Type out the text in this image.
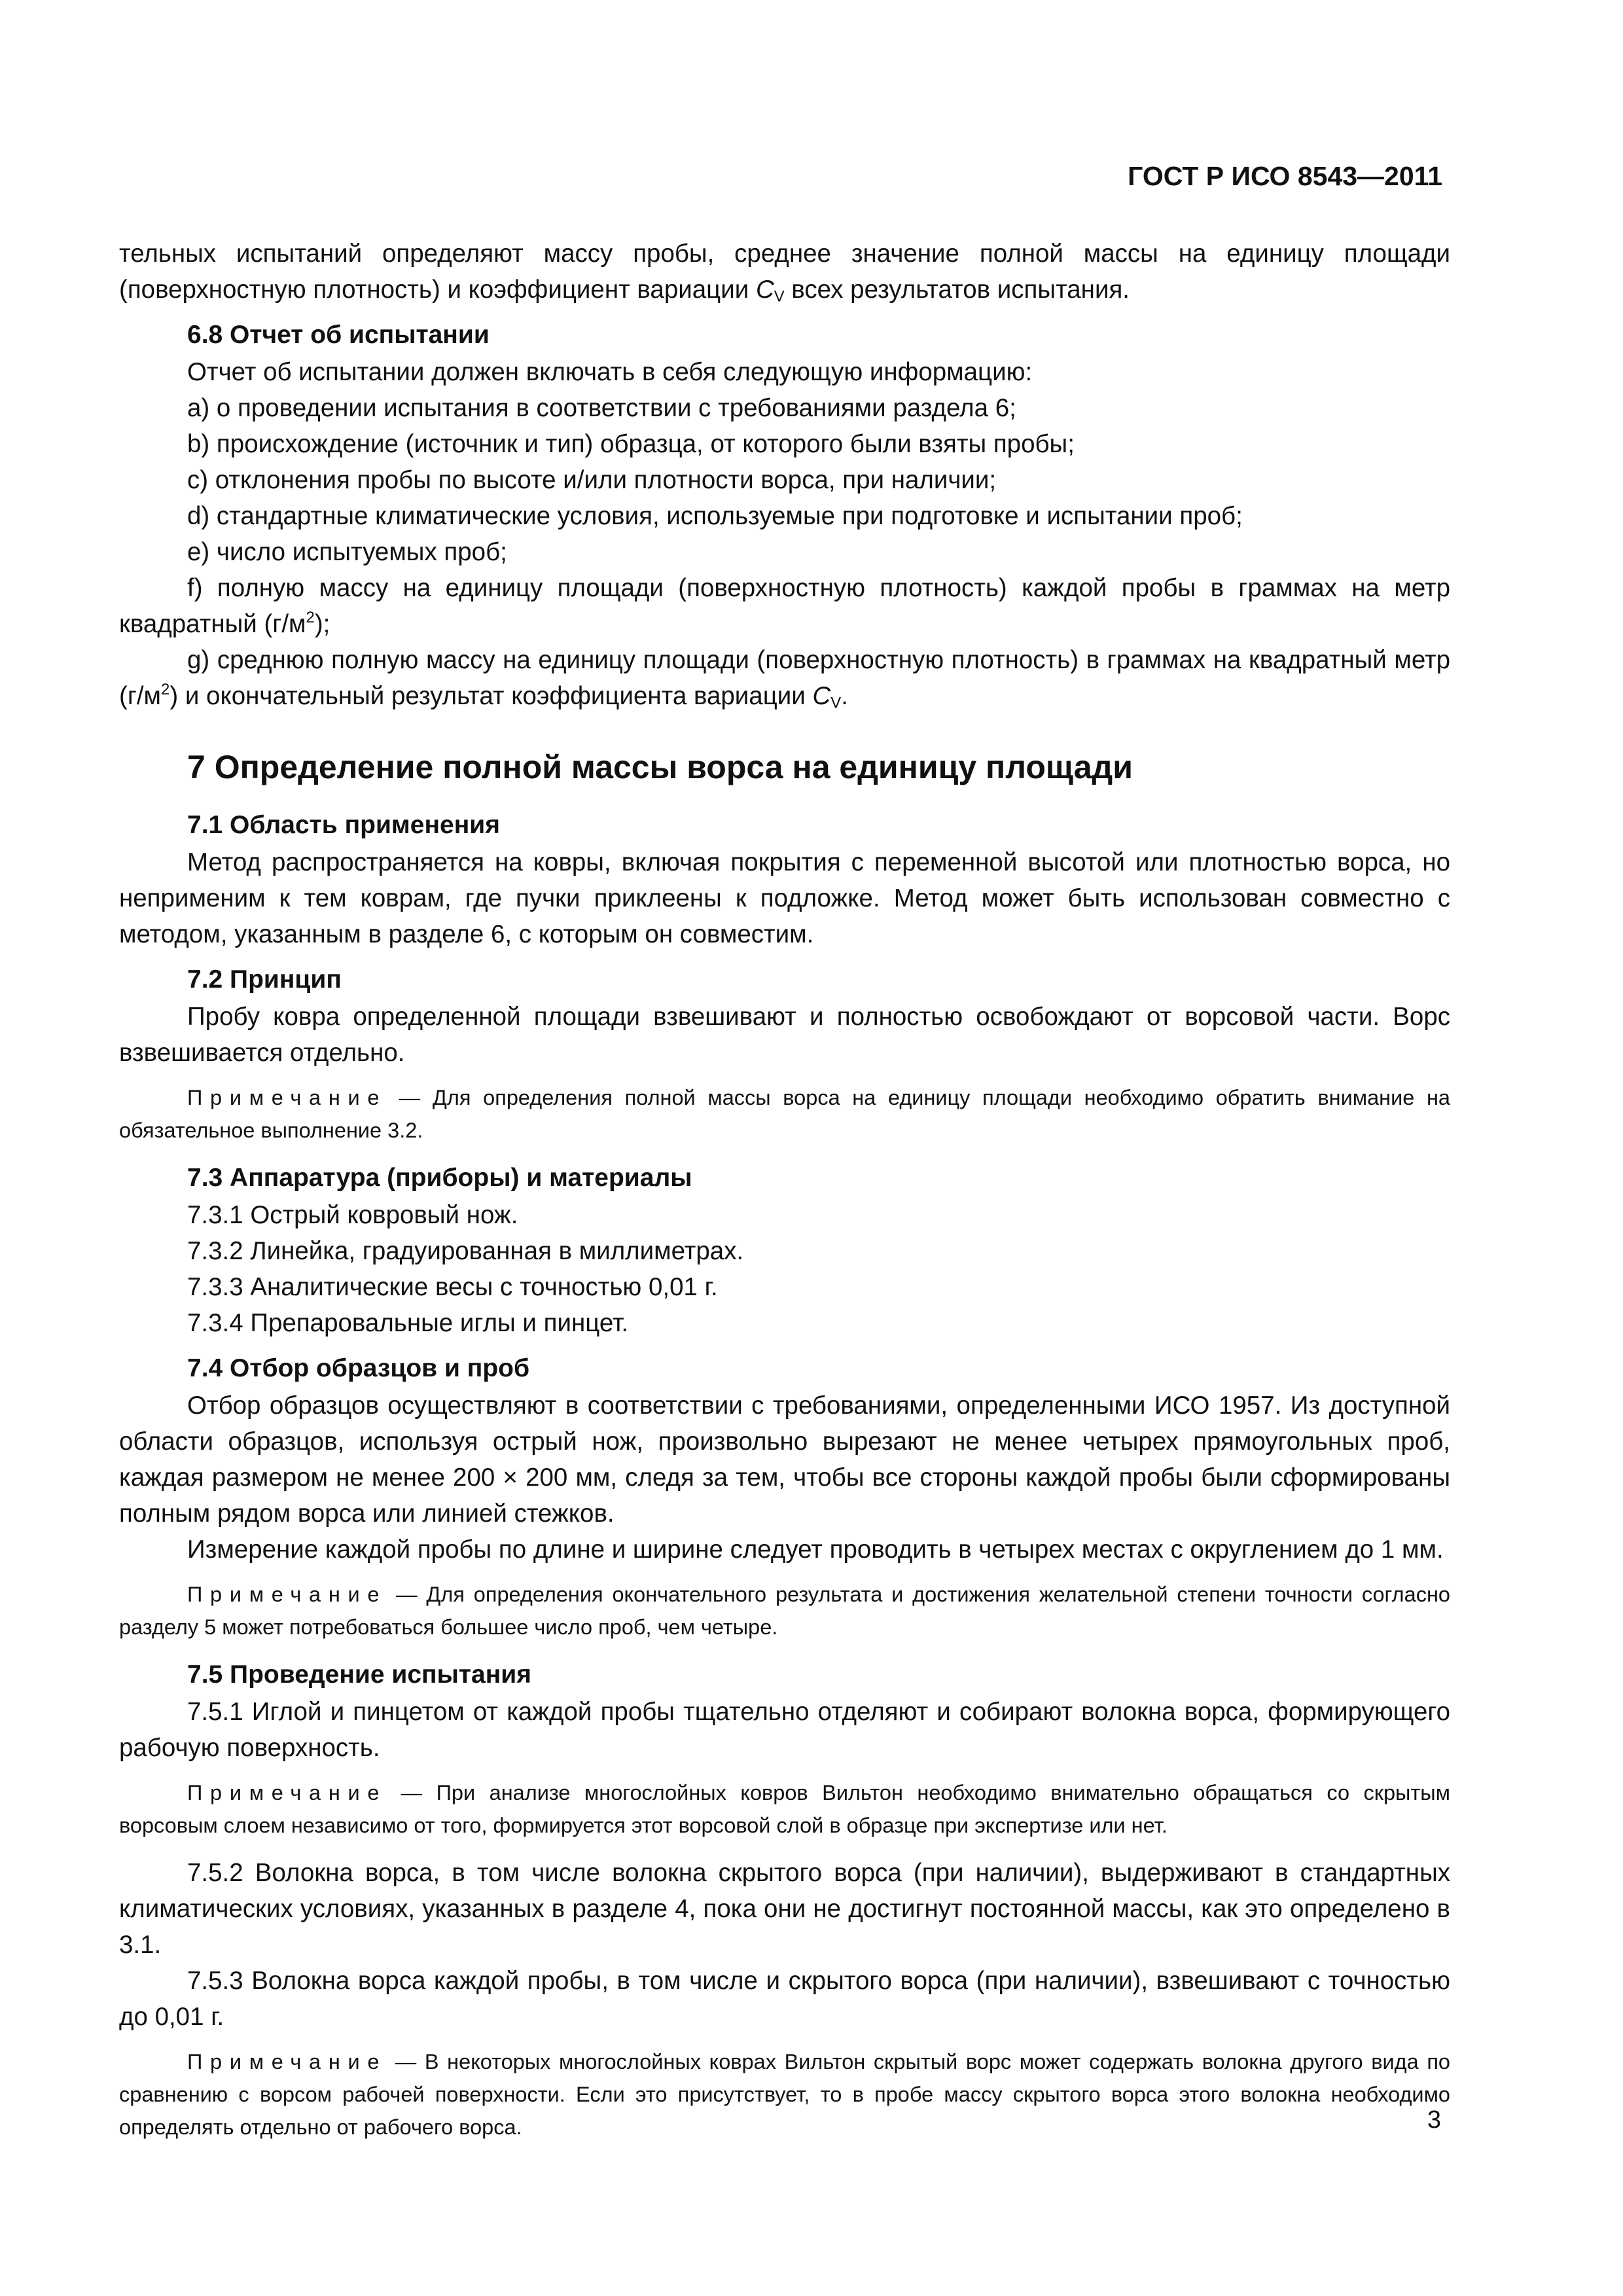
ГОСТ Р ИСО 8543—2011

тельных испытаний определяют массу пробы, среднее значение полной массы на единицу площади (поверхностную плотность) и коэффициент вариации $C_V$ всех результатов испытания.

6.8 Отчет об испытании

Отчет об испытании должен включать в себя следующую информацию:

a) о проведении испытания в соответствии с требованиями раздела 6;

b) происхождение (источник и тип) образца, от которого были взяты пробы;

c) отклонения пробы по высоте и/или плотности ворса, при наличии;

d) стандартные климатические условия, используемые при подготовке и испытании проб;

e) число испытуемых проб;

f) полную массу на единицу площади (поверхностную плотность) каждой пробы в граммах на метр квадратный $(г/м^2)$;

g) среднюю полную массу на единицу площади (поверхностную плотность) в граммах на квадратный метр $(г/м^2)$ и окончательный результат коэффициента вариации $C_V$.

7 Определение полной массы ворса на единицу площади

7.1 Область применения

Метод распространяется на ковры, включая покрытия с переменной высотой или плотностью ворса, но неприменим к тем коврам, где пучки приклеены к подложке. Метод может быть использован совместно с методом, указанным в разделе 6, с которым он совместим.

7.2 Принцип

Пробу ковра определенной площади взвешивают и полностью освобождают от ворсовой части. Ворс взвешивается отдельно.

Примечание — Для определения полной массы ворса на единицу площади необходимо обратить внимание на обязательное выполнение 3.2.

7.3 Аппаратура (приборы) и материалы

7.3.1 Острый ковровый нож.

7.3.2 Линейка, градуированная в миллиметрах.

7.3.3 Аналитические весы с точностью 0,01 г.

7.3.4 Препаровальные иглы и пинцет.

7.4 Отбор образцов и проб

Отбор образцов осуществляют в соответствии с требованиями, определенными ИСО 1957. Из доступной области образцов, используя острый нож, произвольно вырезают не менее четырех прямоугольных проб, каждая размером не менее 200 × 200 мм, следя за тем, чтобы все стороны каждой пробы были сформированы полным рядом ворса или линией стежков.

Измерение каждой пробы по длине и ширине следует проводить в четырех местах с округлением до 1 мм.

Примечание — Для определения окончательного результата и достижения желательной степени точности согласно разделу 5 может потребоваться большее число проб, чем четыре.

7.5 Проведение испытания

7.5.1 Иглой и пинцетом от каждой пробы тщательно отделяют и собирают волокна ворса, формирующего рабочую поверхность.

Примечание — При анализе многослойных ковров Вильтон необходимо внимательно обращаться со скрытым ворсовым слоем независимо от того, формируется этот ворсовой слой в образце при экспертизе или нет.

7.5.2 Волокна ворса, в том числе волокна скрытого ворса (при наличии), выдерживают в стандартных климатических условиях, указанных в разделе 4, пока они не достигнут постоянной массы, как это определено в 3.1.

7.5.3 Волокна ворса каждой пробы, в том числе и скрытого ворса (при наличии), взвешивают с точностью до 0,01 г.

Примечание — В некоторых многослойных коврах Вильтон скрытый ворс может содержать волокна другого вида по сравнению с ворсом рабочей поверхности. Если это присутствует, то в пробе массу скрытого ворса этого волокна необходимо определять отдельно от рабочего ворса.	3
